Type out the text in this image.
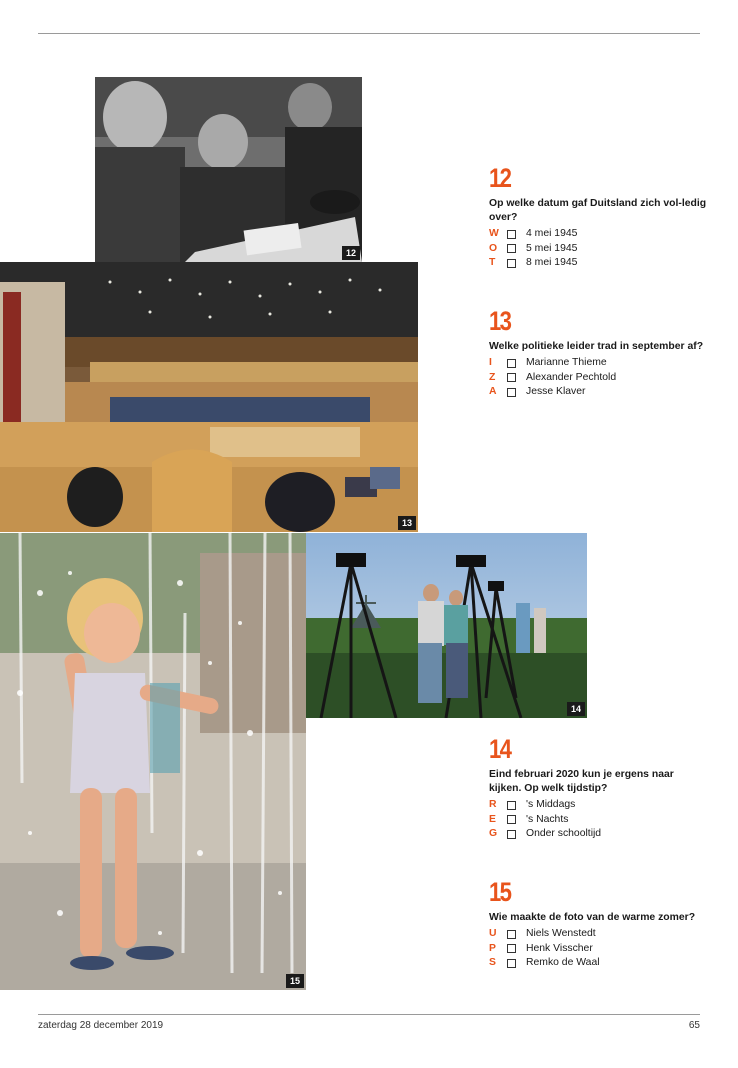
12
13
14
15
12
Op welke datum gaf Duitsland zich vol-ledig over?
W	4 mei 1945
O	5 mei 1945
T	8 mei 1945
13
Welke politieke leider trad in september af?
I	Marianne Thieme
Z	Alexander Pechtold
A	Jesse Klaver
14
Eind februari 2020 kun je ergens naar kijken. Op welk tijdstip?
R	's Middags
E	's Nachts
G	Onder schooltijd
15
Wie maakte de foto van de warme zomer?
U	Niels Wenstedt
P	Henk Visscher
S	Remko de Waal
zaterdag 28 december 2019	65
